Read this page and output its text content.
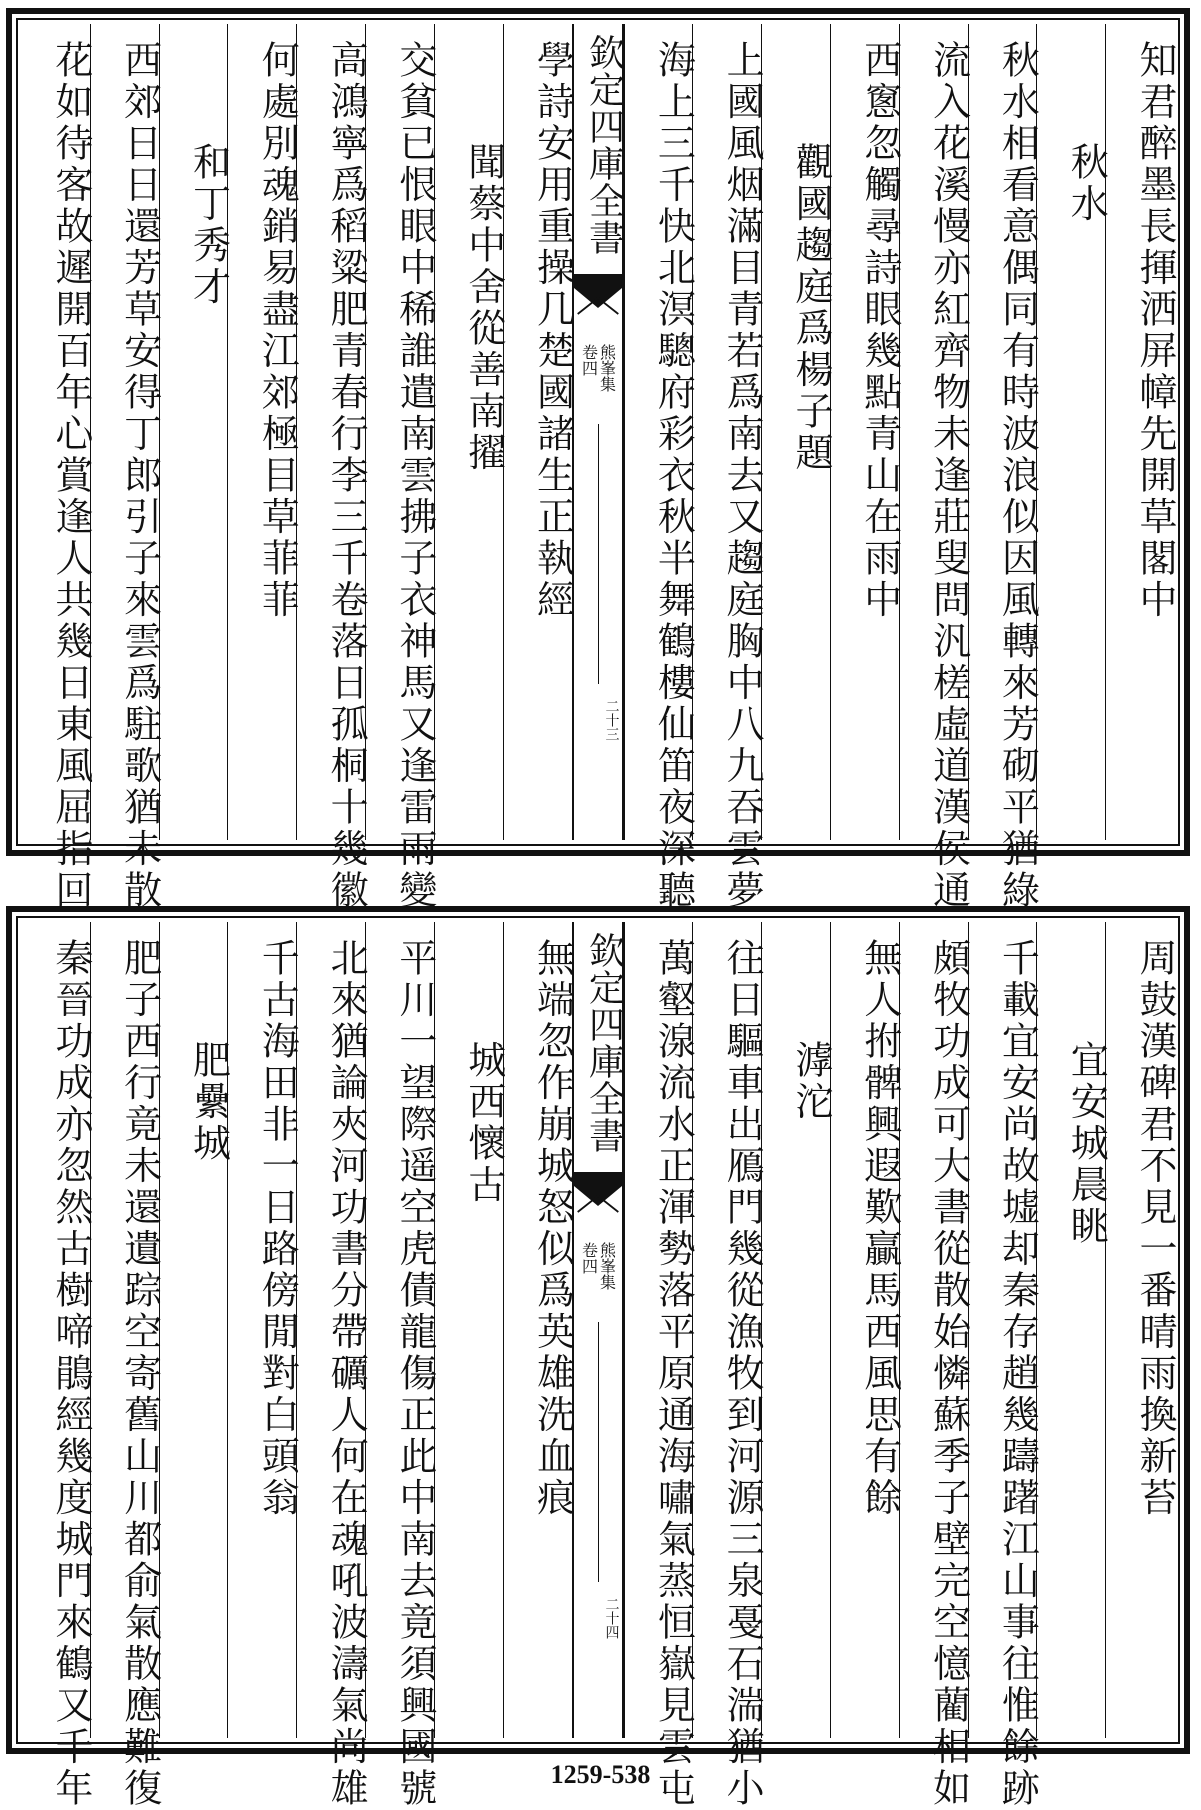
知君醉墨長揮洒屏幛先開草閣中
秋水
秋水相看意偶同有時波浪似因風轉來芳砌平猶綠
流入花溪慢亦紅齊物未逢莊叟問汎槎虛道漢侯通
西窻忽觸尋詩眼幾點青山在雨中
觀國趨庭爲楊子題
上國風烟滿目青若爲南去又趨庭胸中八九吞雲夢
海上三千快北溟驄府彩衣秋半舞鶴樓仙笛夜深聽
欽定四庫全書
熊峯集
卷四
二十三
學詩安用重操几楚國諸生正執經
聞蔡中舍從善南擢
交貧已恨眼中稀誰遣南雲拂子衣神馬又逢雷雨變
高鴻寧爲稻粱肥青春行李三千卷落日孤桐十幾徽
何處別魂銷易盡江郊極目草菲菲
和丁秀才
西郊日日還芳草安得丁郎引子來雲爲駐歌猶未散
花如待客故遲開百年心賞逢人共幾日東風屈指回
周鼓漢碑君不見一番晴雨換新苔
宜安城晨眺
千載宜安尚故墟却秦存趙幾躊躇江山事往惟餘跡
頗牧功成可大書從散始憐蘇季子壁完空憶藺相如
無人拊髀興遐歎贏馬西風思有餘
滹沱
往日驅車出鴈門幾從漁牧到河源三泉戞石湍猶小
萬壑湶流水正渾勢落平原通海嘯氣蒸恒嶽見雲屯
欽定四庫全書
熊峯集
卷四
二十四
無端忽作崩城怒似爲英雄洗血痕
城西懷古
平川一望際遥空虎債龍傷正此中南去竟須興國號
北來猶論夾河功書分帶礪人何在魂吼波濤氣尚雄
千古海田非一日路傍閒對白頭翁
肥纍城
肥子西行竟未還遺踪空寄舊山川都俞氣散應難復
秦晉功成亦忽然古樹啼鵑經幾度城門來鶴又千年	1259-538
